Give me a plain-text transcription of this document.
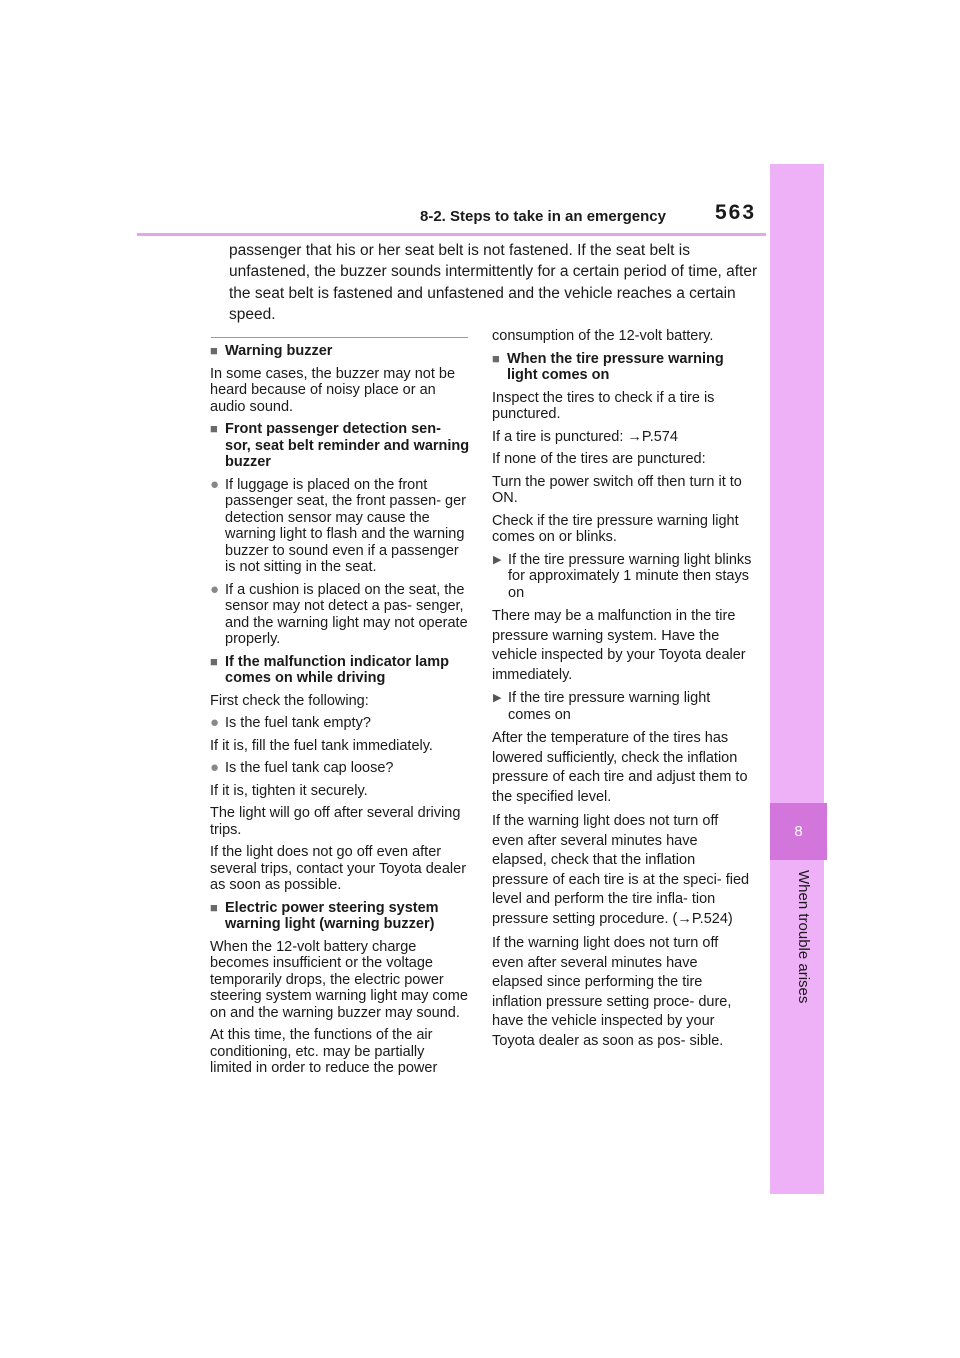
8-2. Steps to take in an emergency	563
8
When trouble arises

passenger that his or her seat belt is not fastened. If the seat belt is unfastened, the buzzer sounds intermittently for a certain period of time, after the seat belt is fastened and unfastened and the vehicle reaches a certain speed.

■ Warning buzzer

In some cases, the buzzer may not be heard because of noisy place or an audio sound.

■ Front passenger detection sen- sor, seat belt reminder and warning buzzer
● If luggage is placed on the front passenger seat, the front passen- ger detection sensor may cause the warning light to flash and the warning buzzer to sound even if a passenger is not sitting in the seat.
● If a cushion is placed on the seat, the sensor may not detect a pas- senger, and the warning light may not operate properly.
■ If the malfunction indicator lamp comes on while driving

First check the following:

● Is the fuel tank empty?

If it is, fill the fuel tank immediately.

● Is the fuel tank cap loose?

If it is, tighten it securely.

The light will go off after several driving trips.

If the light does not go off even after several trips, contact your Toyota dealer as soon as possible.

■ Electric power steering system warning light (warning buzzer)

When the 12-volt battery charge becomes insufficient or the voltage temporarily drops, the electric power steering system warning light may come on and the warning buzzer may sound.

At this time, the functions of the air conditioning, etc. may be partially limited in order to reduce the power

consumption of the 12-volt battery.

■ When the tire pressure warning light comes on

Inspect the tires to check if a tire is punctured.

If a tire is punctured: →P.574

If none of the tires are punctured:

Turn the power switch off then turn it to ON.

Check if the tire pressure warning light comes on or blinks.

▶ If the tire pressure warning light blinks for approximately 1 minute then stays on

There may be a malfunction in the tire pressure warning system. Have the vehicle inspected by your Toyota dealer immediately.

▶ If the tire pressure warning light comes on

After the temperature of the tires has lowered sufficiently, check the inflation pressure of each tire and adjust them to the specified level.

If the warning light does not turn off even after several minutes have elapsed, check that the inflation pressure of each tire is at the speci- fied level and perform the tire infla- tion pressure setting procedure. (→P.524)

If the warning light does not turn off even after several minutes have elapsed since performing the tire inflation pressure setting proce- dure, have the vehicle inspected by your Toyota dealer as soon as pos- sible.
